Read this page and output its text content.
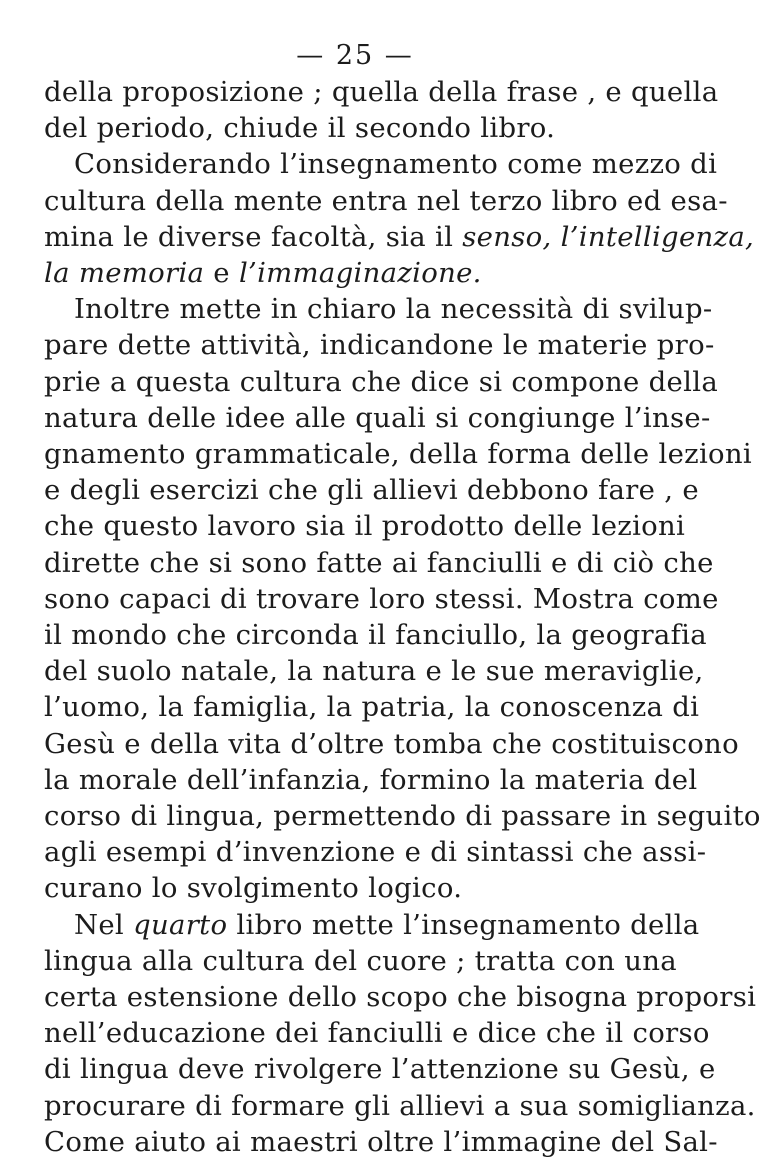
— 25 —
della proposizione ; quella della frase , e quella
del periodo, chiude il secondo libro.
Considerando l’insegnamento come mezzo di
cultura della mente entra nel terzo libro ed esa-
mina le diverse facoltà, sia il senso, l’intelligenza,
la memoria e l’immaginazione.
Inoltre mette in chiaro la necessità di svilup-
pare dette attività, indicandone le materie pro-
prie a questa cultura che dice si compone della
natura delle idee alle quali si congiunge l’inse-
gnamento grammaticale, della forma delle lezioni
e degli esercizi che gli allievi debbono fare , e
che questo lavoro sia il prodotto delle lezioni
dirette che si sono fatte ai fanciulli e di ciò che
sono capaci di trovare loro stessi. Mostra come
il mondo che circonda il fanciullo, la geografia
del suolo natale, la natura e le sue meraviglie,
l’uomo, la famiglia, la patria, la conoscenza di
Gesù e della vita d’oltre tomba che costituiscono
la morale dell’infanzia, formino la materia del
corso di lingua, permettendo di passare in seguito
agli esempi d’invenzione e di sintassi che assi-
curano lo svolgimento logico.
Nel quarto libro mette l’insegnamento della
lingua alla cultura del cuore ; tratta con una
certa estensione dello scopo che bisogna proporsi
nell’educazione dei fanciulli e dice che il corso
di lingua deve rivolgere l’attenzione su Gesù, e
procurare di formare gli allievi a sua somiglianza.
Come aiuto ai maestri oltre l’immagine del Sal-
